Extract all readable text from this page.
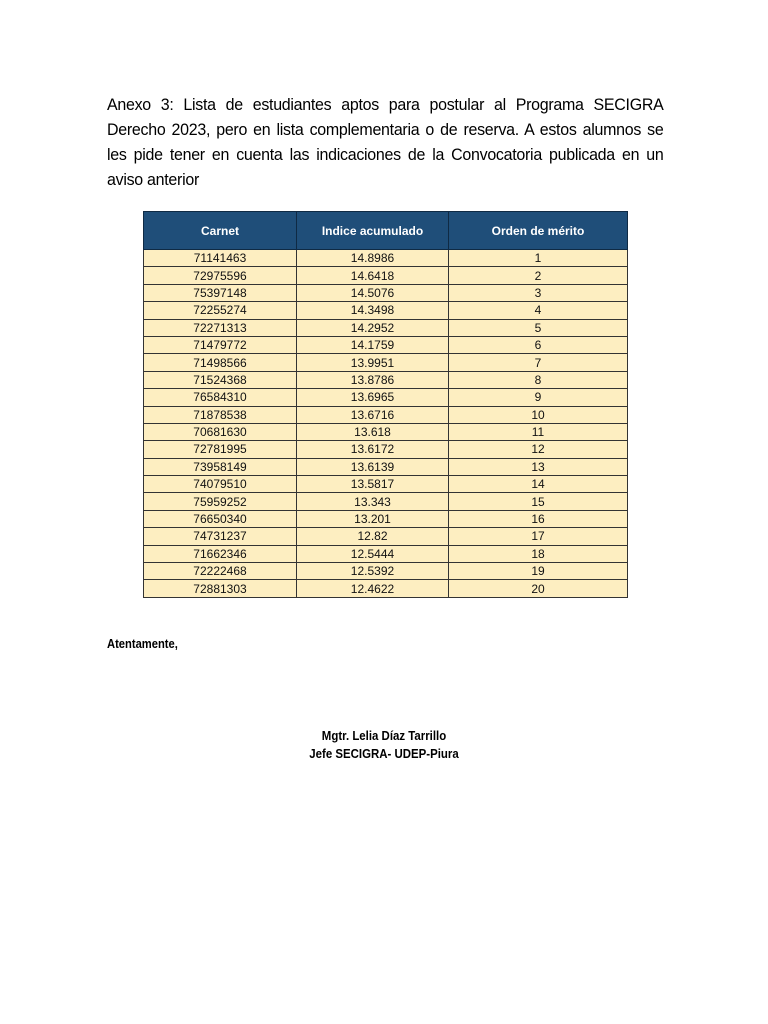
Anexo 3: Lista de estudiantes aptos para postular al Programa SECIGRA Derecho 2023, pero en lista complementaria o de reserva. A estos alumnos se les pide tener en cuenta las indicaciones de la Convocatoria publicada en un aviso anterior

Carnet	Indice acumulado	Orden de mérito
71141463	14.8986	1
72975596	14.6418	2
75397148	14.5076	3
72255274	14.3498	4
72271313	14.2952	5
71479772	14.1759	6
71498566	13.9951	7
71524368	13.8786	8
76584310	13.6965	9
71878538	13.6716	10
70681630	13.618	11
72781995	13.6172	12
73958149	13.6139	13
74079510	13.5817	14
75959252	13.343	15
76650340	13.201	16
74731237	12.82	17
71662346	12.5444	18
72222468	12.5392	19
72881303	12.4622	20
Atentamente,
Mgtr. Lelia Díaz Tarrillo
Jefe SECIGRA- UDEP-Piura
